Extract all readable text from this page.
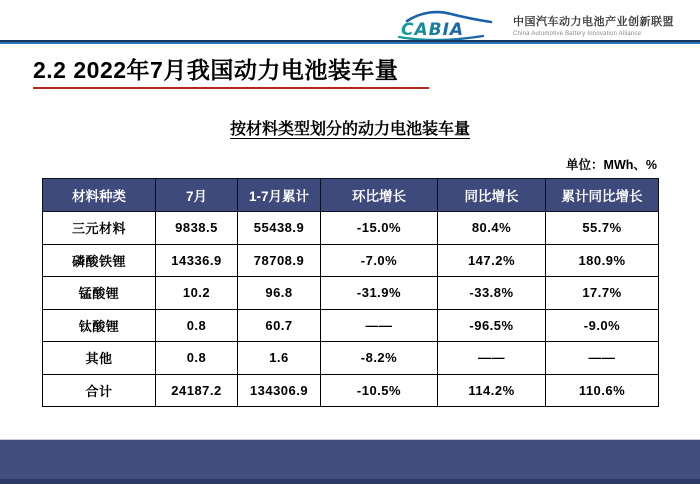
CABIA	中国汽车动力电池产业创新联盟
China Automotive Battery Innovation Alliance
2.2 2022年7月我国动力电池装车量
按材料类型划分的动力电池装车量
单位：MWh、%
材料种类	7月	1-7月累计	环比增长	同比增长	累计同比增长
三元材料	9838.5	55438.9	-15.0%	80.4%	55.7%
磷酸铁锂	14336.9	78708.9	-7.0%	147.2%	180.9%
锰酸锂	10.2	96.8	-31.9%	-33.8%	17.7%
钛酸锂	0.8	60.7	——	-96.5%	-9.0%
其他	0.8	1.6	-8.2%	——	——
合计	24187.2	134306.9	-10.5%	114.2%	110.6%
